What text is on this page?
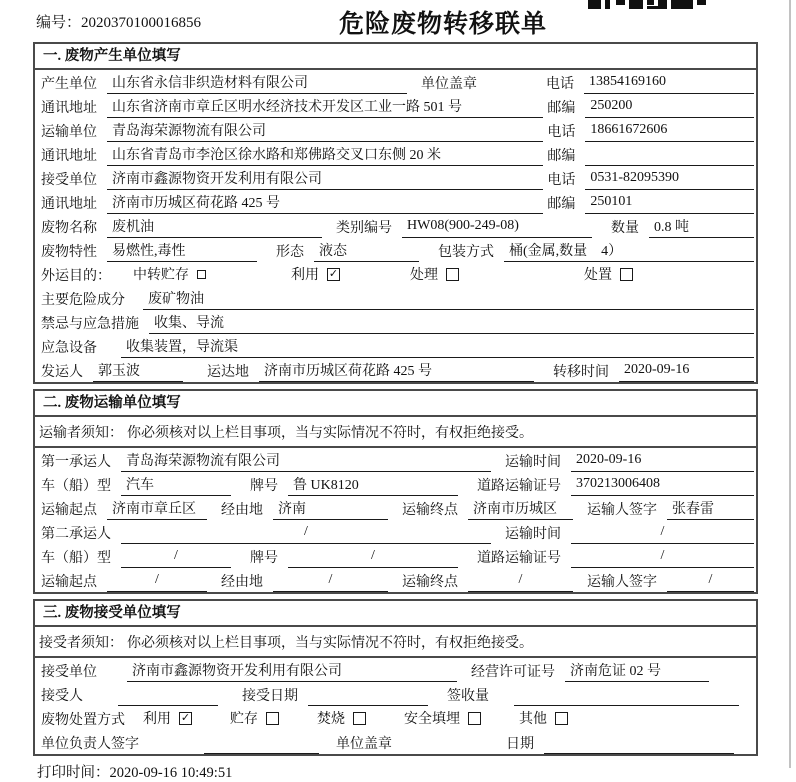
编号：2020370100016856	危险废物转移联单
一. 废物产生单位填写
产生单位	山东省永信非织造材料有限公司	单位盖章	电话	13854169160
通讯地址	山东省济南市章丘区明水经济技术开发区工业一路 501 号	邮编	250200
运输单位	青岛海荣源物流有限公司	电话	18661672606
通讯地址	山东省青岛市李沧区徐水路和郑佛路交叉口东侧 20 米	邮编
接受单位	济南市鑫源物资开发利用有限公司	电话	0531-82095390
通讯地址	济南市历城区荷花路 425 号	邮编	250101
废物名称	废机油	类别编号	HW08(900-249-08)	数量	0.8 吨
废物特性	易燃性,毒性	形态	液态	包装方式	桶(金属,数量　4）
外运目的：	中转贮存	利用 ✓	处理	处置
主要危险成分	废矿物油
禁忌与应急措施	收集、导流
应急设备	收集装置，导流渠
发运人	郭玉波	运达地	济南市历城区荷花路 425 号	转移时间	2020-09-16
二. 废物运输单位填写
运输者须知： 你必须核对以上栏目事项，当与实际情况不符时，有权拒绝接受。
第一承运人	青岛海荣源物流有限公司	运输时间	2020-09-16
车（船）型	汽车	牌号	鲁 UK8120	道路运输证号	370213006408
运输起点	济南市章丘区	经由地	济南	运输终点	济南市历城区	运输人签字	张春雷
第二承运人	/	运输时间	/
车（船）型	/	牌号	/	道路运输证号	/
运输起点	/	经由地	/	运输终点	/	运输人签字	/
三. 废物接受单位填写
接受者须知： 你必须核对以上栏目事项，当与实际情况不符时，有权拒绝接受。
接受单位	济南市鑫源物资开发利用有限公司	经营许可证号	济南危证 02 号
接受人	接受日期	签收量
废物处置方式	利用 ✓	贮存	焚烧	安全填埋	其他
单位负责人签字	单位盖章	日期
打印时间：2020-09-16 10:49:51
